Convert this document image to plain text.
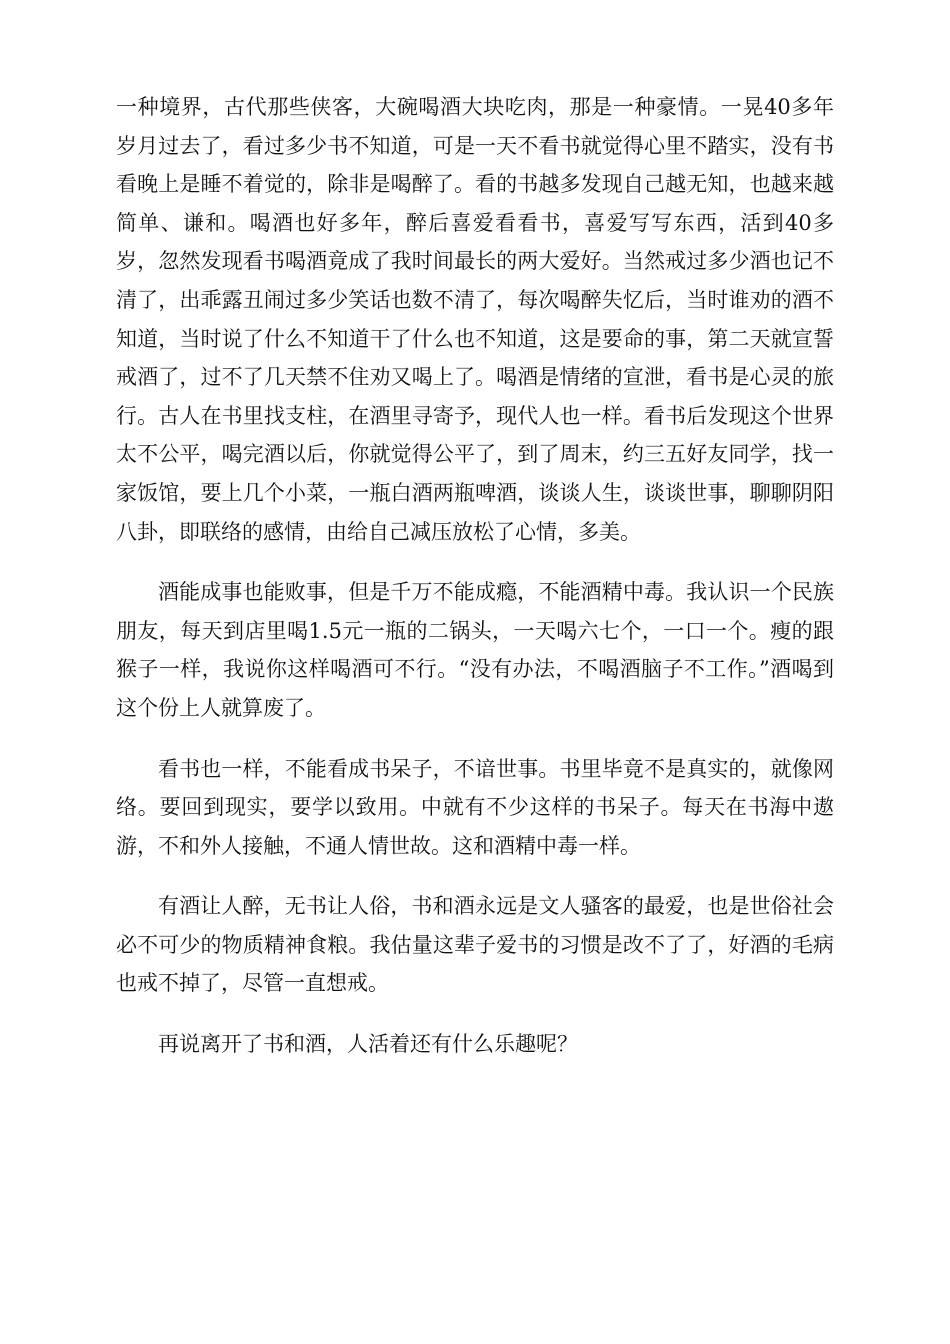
一种境界，古代那些侠客，大碗喝酒大块吃肉，那是一种豪情。一晃40多年岁月过去了，看过多少书不知道，可是一天不看书就觉得心里不踏实，没有书看晚上是睡不着觉的，除非是喝醉了。看的书越多发现自己越无知，也越来越简单、谦和。喝酒也好多年，醉后喜爱看看书，喜爱写写东西，活到40多岁，忽然发现看书喝酒竟成了我时间最长的两大爱好。当然戒过多少酒也记不清了，出乖露丑闹过多少笑话也数不清了，每次喝醉失忆后，当时谁劝的酒不知道，当时说了什么不知道干了什么也不知道，这是要命的事，第二天就宣誓戒酒了，过不了几天禁不住劝又喝上了。喝酒是情绪的宣泄，看书是心灵的旅行。古人在书里找支柱，在酒里寻寄予，现代人也一样。看书后发现这个世界太不公平，喝完酒以后，你就觉得公平了，到了周末，约三五好友同学，找一家饭馆，要上几个小菜，一瓶白酒两瓶啤酒，谈谈人生，谈谈世事，聊聊阴阳八卦，即联络的感情，由给自己减压放松了心情，多美。

酒能成事也能败事，但是千万不能成瘾，不能酒精中毒。我认识一个民族朋友，每天到店里喝1.5元一瓶的二锅头，一天喝六七个，一口一个。瘦的跟猴子一样，我说你这样喝酒可不行。“没有办法，不喝酒脑子不工作。”酒喝到这个份上人就算废了。

看书也一样，不能看成书呆子，不谙世事。书里毕竟不是真实的，就像网络。要回到现实，要学以致用。中就有不少这样的书呆子。每天在书海中遨游，不和外人接触，不通人情世故。这和酒精中毒一样。

有酒让人醉，无书让人俗，书和酒永远是文人骚客的最爱，也是世俗社会必不可少的物质精神食粮。我估量这辈子爱书的习惯是改不了了，好酒的毛病也戒不掉了，尽管一直想戒。

再说离开了书和酒，人活着还有什么乐趣呢？
